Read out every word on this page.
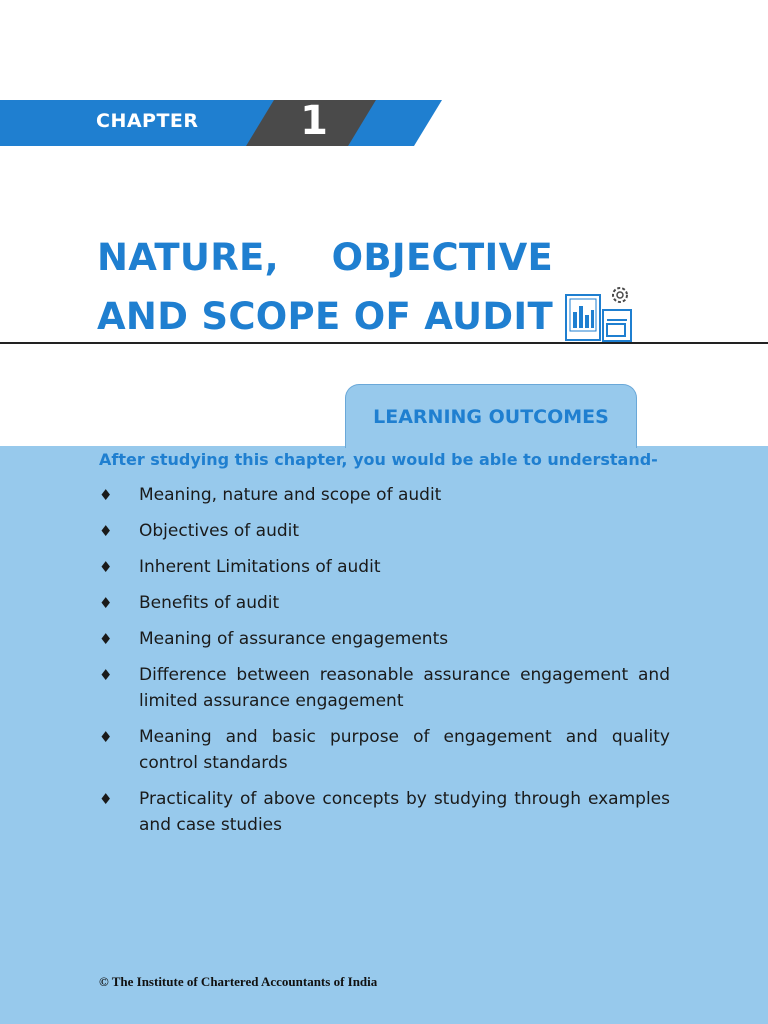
CHAPTER	1
NATURE,    OBJECTIVE
AND SCOPE OF AUDIT
LEARNING OUTCOMES
After studying this chapter, you would be able to understand-
♦ Meaning, nature and scope of audit
♦ Objectives of audit
♦ Inherent Limitations of audit
♦ Benefits of audit
♦ Meaning of assurance engagements
♦ Difference between reasonable assurance engagement and limited assurance engagement
♦ Meaning and basic purpose of engagement and quality control standards
♦ Practicality of above concepts by studying through examples and case studies
© The Institute of Chartered Accountants of India
